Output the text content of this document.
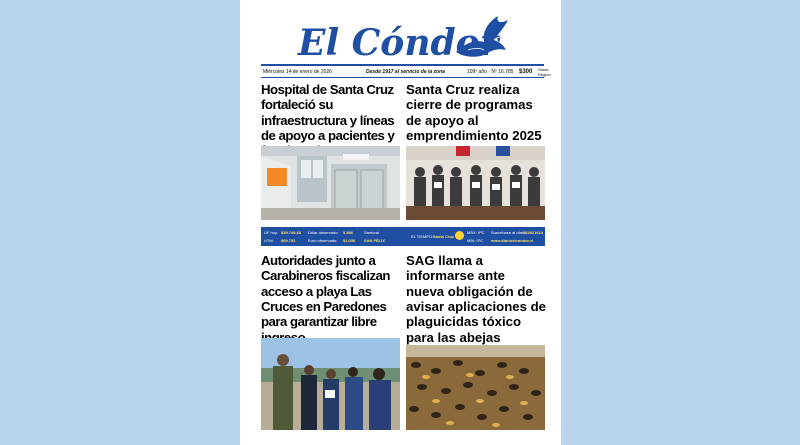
El Cóndor
Miércoles 14 de enero de 2026	Desde 1917 al servicio de la zona	109º año · Nº 16.785 $300 Santa Región
Hospital de Santa Cruz fortaleció su infraestructura y líneas de apoyo a pacientes y
Santa Cruz realiza cierre de programas de apoyo al emprendimiento 2025
UF hoy: $39.749,68
UTM: $69.751
Dólar observado: $ 886
Euro observado: $1.036
Santoral
SAN FÉLIX
EL TIEMPO: Santa Cruz
MÁX: 9ºC
MÍN: 0ºC
Suscríbase al diario:
722821614
www.diarioelcondor.cl
Autoridades junto a Carabineros fiscalizan acceso a playa Las Cruces en Paredones para garantizar libre
SAG llama a informarse ante nueva obligación de avisar aplicaciones de plaguicidas tóxico para las abejas
